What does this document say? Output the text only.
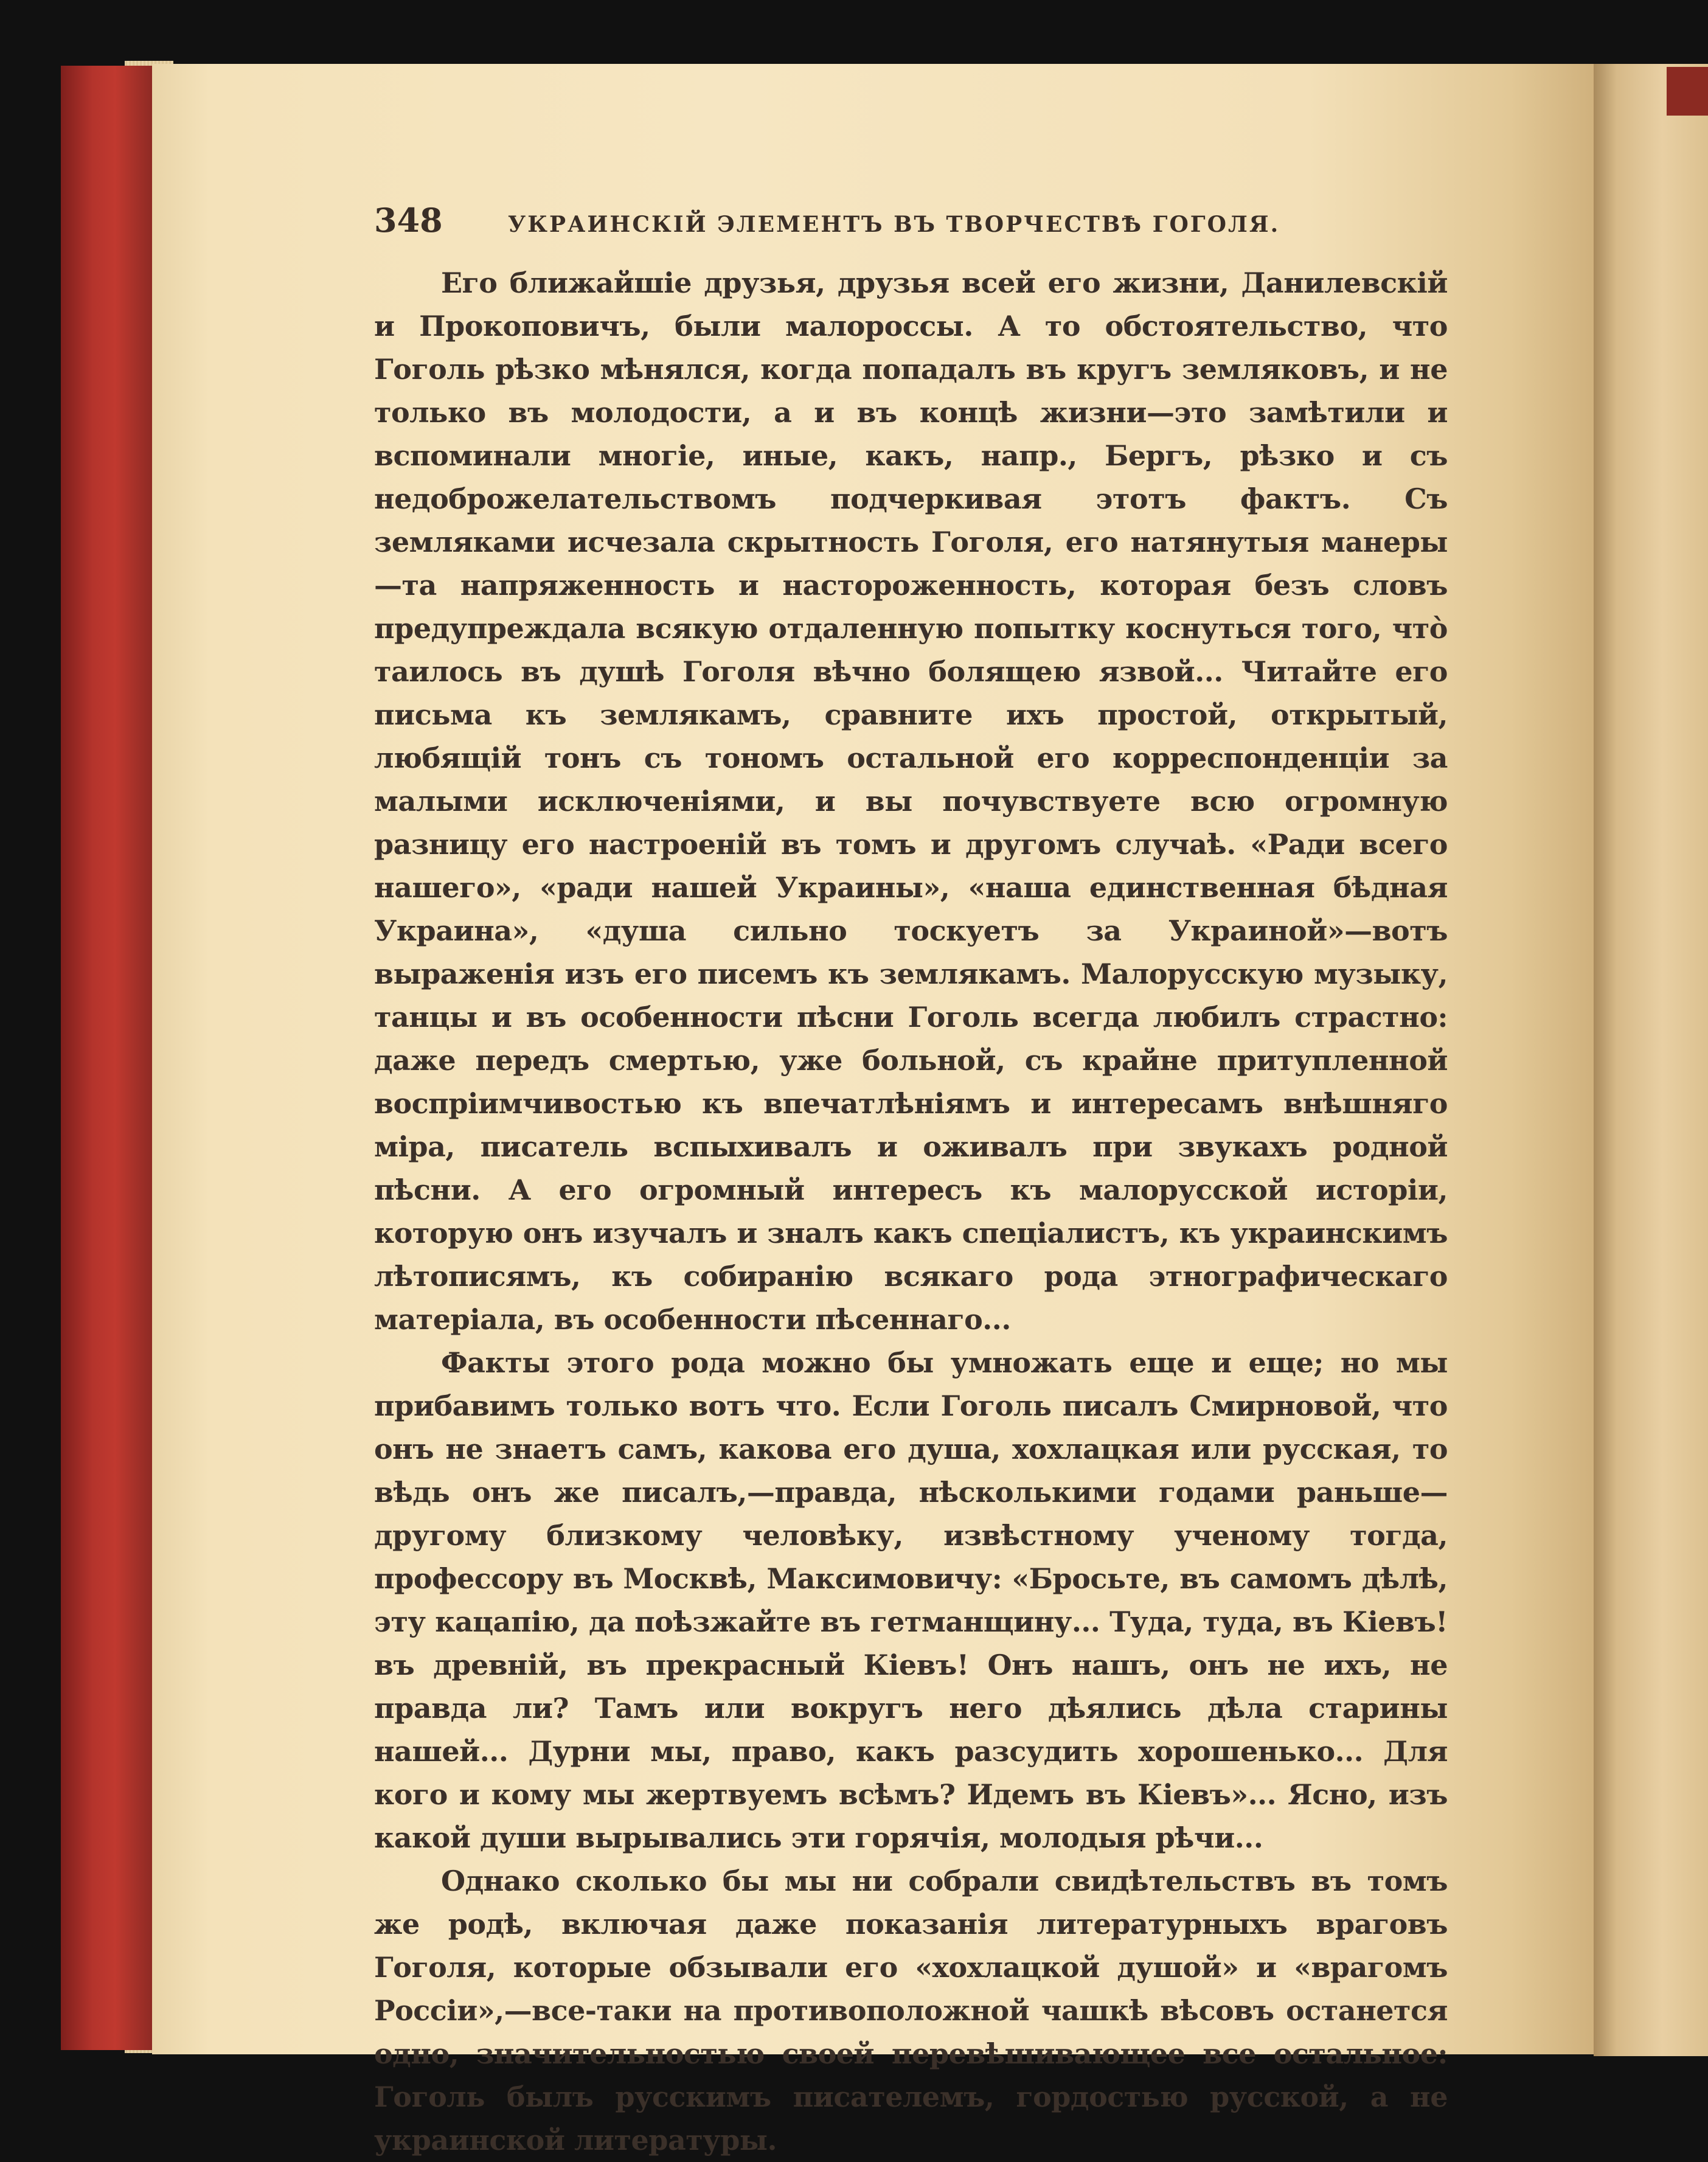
348	УКРАИНСКІЙ ЭЛЕМЕНТЪ ВЪ ТВОРЧЕСТВѢ ГОГОЛЯ.

Его ближайшіе друзья, друзья всей его жизни, Данилевскій и Прокоповичъ, были малороссы. А то обстоятельство, что Гоголь рѣзко мѣнялся, когда попадалъ въ кругъ земляковъ, и не только въ молодости, а и въ концѣ жизни—это замѣтили и вспоминали многіе, иные, какъ, напр., Бергъ, рѣзко и съ недоброжелательствомъ подчеркивая этотъ фактъ. Съ земляками исчезала скрытность Гоголя, его натянутыя манеры—та напряженность и настороженность, которая безъ словъ предупреждала всякую отдаленную попытку коснуться того, что̀ таилось въ душѣ Гоголя вѣчно болящею язвой... Читайте его письма къ землякамъ, сравните ихъ простой, открытый, любящій тонъ съ тономъ остальной его корреспонденціи за малыми исключеніями, и вы почувствуете всю огромную разницу его настроеній въ томъ и другомъ случаѣ. «Ради всего нашего», «ради нашей Украины», «наша единственная бѣдная Украина», «душа сильно тоскуетъ за Украиной»—вотъ выраженія изъ его писемъ къ землякамъ. Малорусскую музыку, танцы и въ особенности пѣсни Гоголь всегда любилъ страстно: даже передъ смертью, уже больной, съ крайне притупленной воспріимчивостью къ впечатлѣніямъ и интересамъ внѣшняго міра, писатель вспыхивалъ и оживалъ при звукахъ родной пѣсни. А его огромный интересъ къ малорусской исторіи, которую онъ изучалъ и зналъ какъ спеціалистъ, къ украинскимъ лѣтописямъ, къ собиранію всякаго рода этнографическаго матеріала, въ особенности пѣсеннаго...

Факты этого рода можно бы умножать еще и еще; но мы прибавимъ только вотъ что. Если Гоголь писалъ Смирновой, что онъ не знаетъ самъ, какова его душа, хохлацкая или русская, то вѣдь онъ же писалъ,—правда, нѣсколькими годами раньше—другому близкому человѣку, извѣстному ученому тогда, профессору въ Москвѣ, Максимовичу: «Бросьте, въ самомъ дѣлѣ, эту кацапію, да поѣзжайте въ гетманщину... Туда, туда, въ Кіевъ! въ древній, въ прекрасный Кіевъ! Онъ нашъ, онъ не ихъ, не правда ли? Тамъ или вокругъ него дѣялись дѣла старины нашей... Дурни мы, право, какъ разсудить хорошенько... Для кого и кому мы жертвуемъ всѣмъ? Идемъ въ Кіевъ»... Ясно, изъ какой души вырывались эти горячія, молодыя рѣчи...

Однако сколько бы мы ни собрали свидѣтельствъ въ томъ же родѣ, включая даже показанія литературныхъ враговъ Гоголя, которые обзывали его «хохлацкой душой» и «врагомъ Россіи»,—все-таки на противоположной чашкѣ вѣсовъ останется одно, значительностью своей перевѣшивающее все остальное: Гоголь былъ русскимъ писателемъ, гордостью русской, а не украинской литературы.
